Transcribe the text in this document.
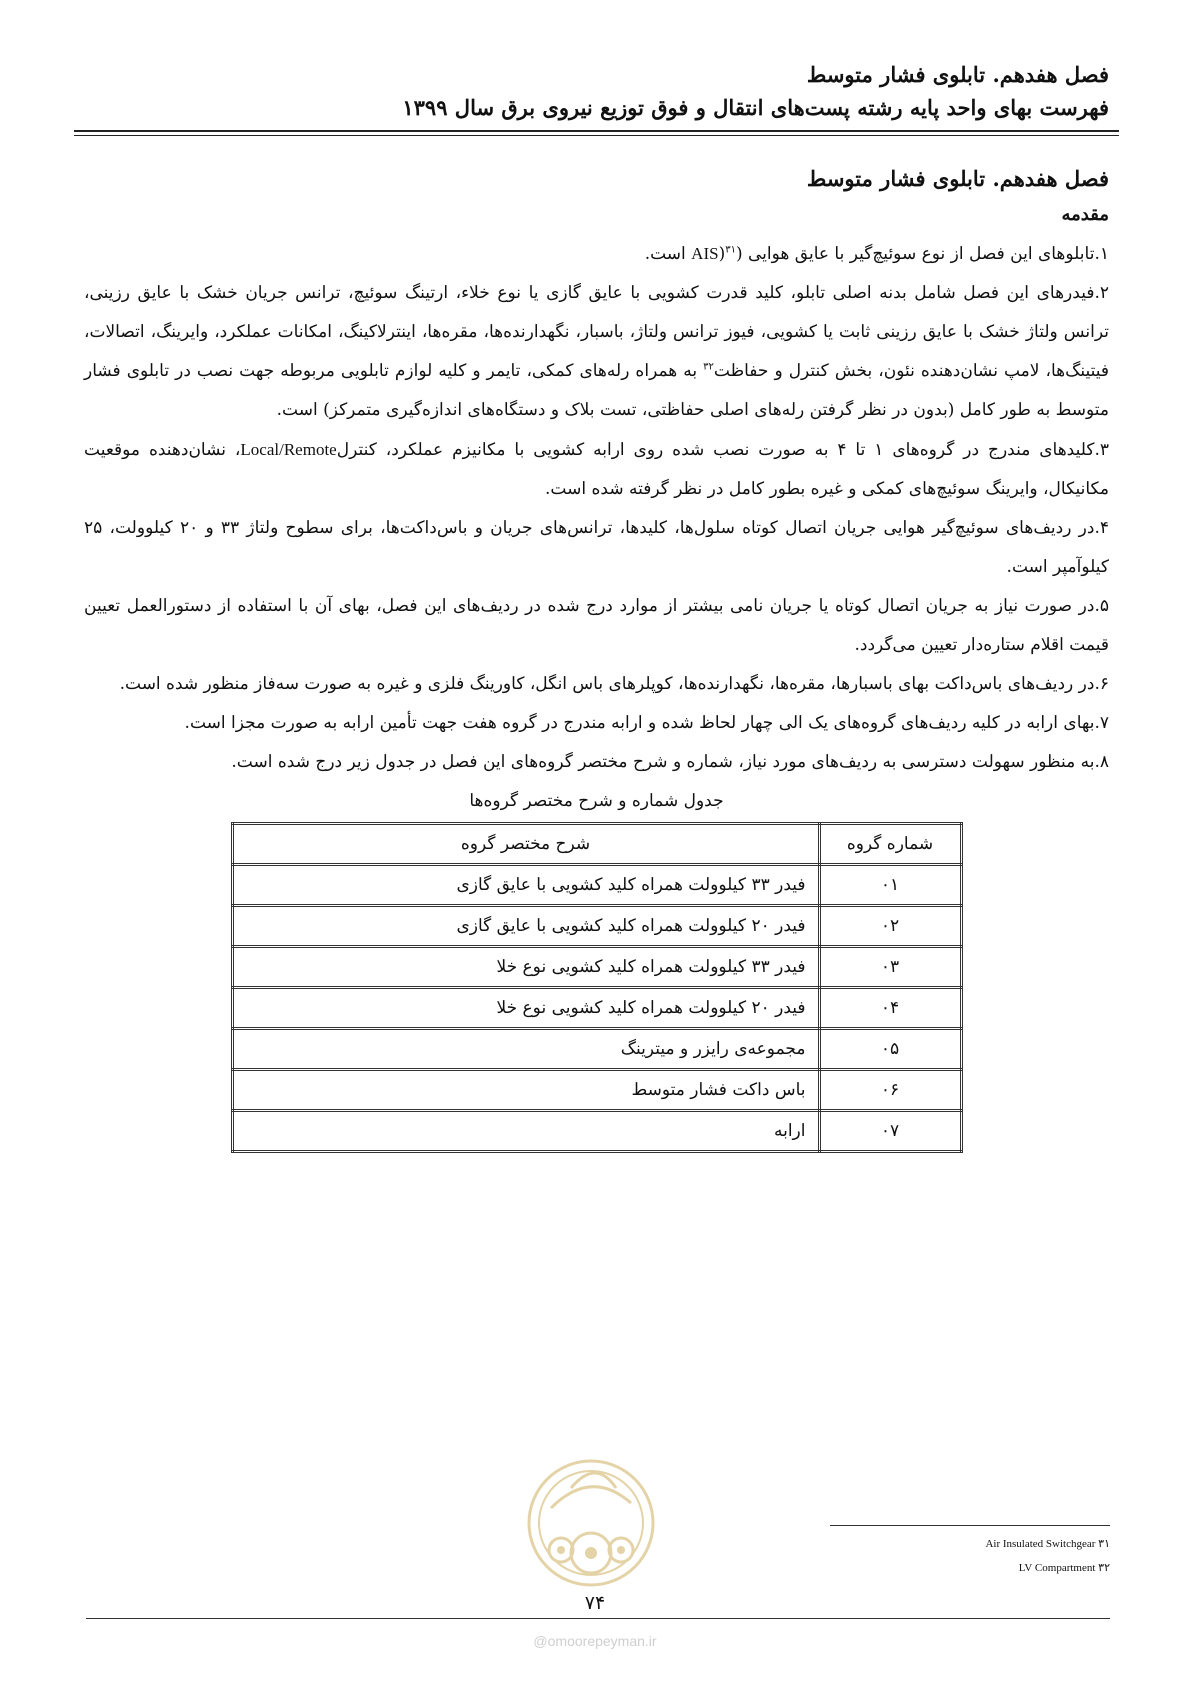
فصل هفدهم. تابلوی فشار متوسط
فهرست بهای واحد پایه رشته پست‌های انتقال و فوق توزیع نیروی برق سال ۱۳۹۹
فصل هفدهم. تابلوی فشار متوسط
مقدمه

۱.تابلوهای این فصل از نوع سوئیچ‌گیر با عایق هوایی (AIS)$^{۳۱}$ است.

۲.فیدرهای این فصل شامل بدنه اصلی تابلو، کلید قدرت کشویی با عایق گازی یا نوع خلاء، ارتینگ سوئیچ، ترانس جریان خشک با عایق رزینی، ترانس ولتاژ خشک با عایق رزینی ثابت یا کشویی، فیوز ترانس ولتاژ، باسبار، نگهدارنده‌ها، مقره‌ها، اینترلاکینگ، امکانات عملکرد، وایرینگ، اتصالات، فیتینگ‌ها، لامپ نشان‌دهنده نئون، بخش کنترل و حفاظت$^{۳۲}$ به همراه رله‌های کمکی، تایمر و کلیه لوازم تابلویی مربوطه جهت نصب در تابلوی فشار متوسط به طور کامل (بدون در نظر گرفتن رله‌های اصلی حفاظتی، تست بلاک و دستگاه‌های اندازه‌گیری متمرکز) است.

۳.کلیدهای مندرج در گروه‌های ۱ تا ۴ به صورت نصب شده روی ارابه کشویی با مکانیزم عملکرد، کنترلLocal/Remote، نشان‌دهنده موقعیت مکانیکال، وایرینگ سوئیچ‌های کمکی و غیره بطور کامل در نظر گرفته شده است.

۴.در ردیف‌های سوئیچ‌گیر هوایی جریان اتصال کوتاه سلول‌ها، کلیدها، ترانس‌های جریان و باس‌داکت‌ها، برای سطوح ولتاژ ۳۳ و ۲۰ کیلوولت، ۲۵ کیلوآمپر است.

۵.در صورت نیاز به جریان اتصال کوتاه یا جریان نامی بیشتر از موارد درج شده در ردیف‌های این فصل، بهای آن با استفاده از دستورالعمل تعیین قیمت اقلام ستاره‌دار تعیین می‌گردد.

۶.در ردیف‌های باس‌داکت بهای باسبارها، مقره‌ها، نگهدارنده‌ها، کوپلرهای باس انگل، کاورینگ فلزی و غیره به صورت سه‌فاز منظور شده است.

۷.بهای ارابه در کلیه ردیف‌های گروه‌های یک الی چهار لحاظ شده و ارابه مندرج در گروه هفت جهت تأمین ارابه به صورت مجزا است.

۸.به منظور سهولت دسترسی به ردیف‌های مورد نیاز، شماره و شرح مختصر گروه‌های این فصل در جدول زیر درج شده است.

جدول شماره و شرح مختصر گروه‌ها
شماره گروه	شرح مختصر گروه
۰۱	فیدر ۳۳ کیلوولت همراه کلید کشویی با عایق گازی
۰۲	فیدر ۲۰ کیلوولت همراه کلید کشویی با عایق گازی
۰۳	فیدر ۳۳ کیلوولت همراه کلید کشویی نوع خلا
۰۴	فیدر ۲۰ کیلوولت همراه کلید کشویی نوع خلا
۰۵	مجموعه‌ی رایزر و میترینگ
۰۶	باس داکت فشار متوسط
۰۷	ارابه
Air Insulated Switchgear ۳۱
LV Compartment ۳۲
۷۴
@omoorepeyman.ir
